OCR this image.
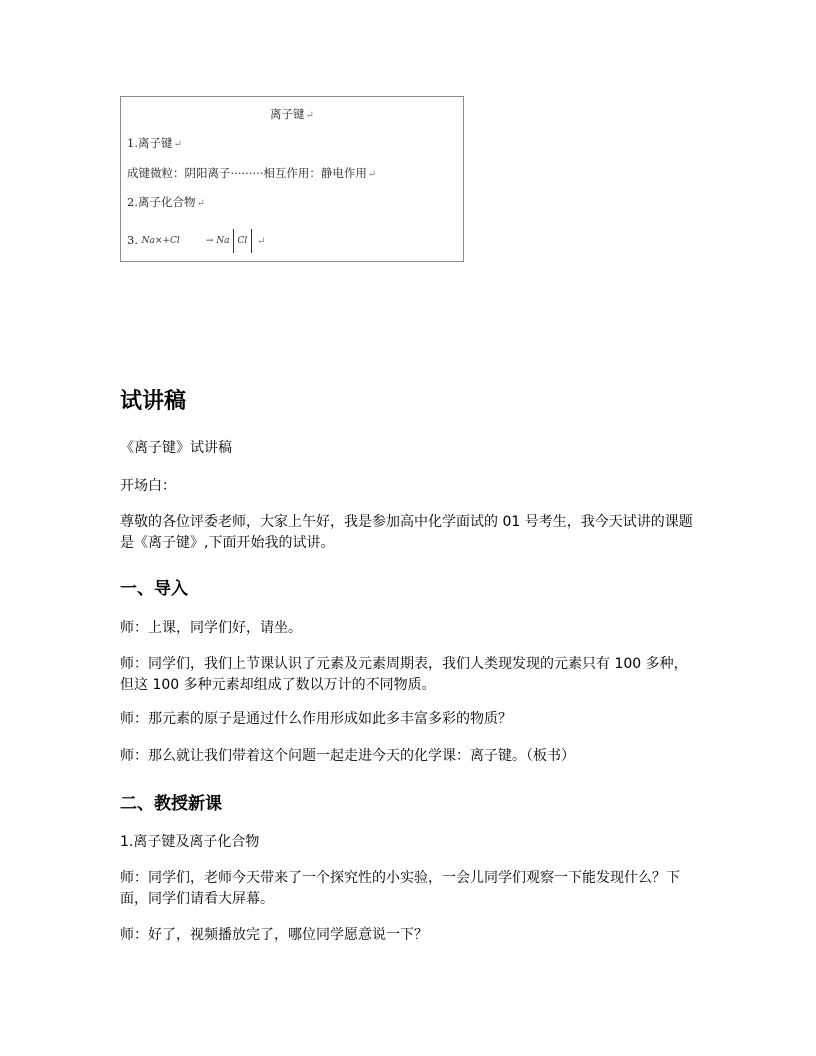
离子键↵
1.离子键↵
成键微粒：阴阳离子·········相互作用：静电作用↵
2.离子化合物↵
3. Na×+Cl	→ Na Cl ↵
试讲稿
《离子键》试讲稿
开场白：
尊敬的各位评委老师，大家上午好，我是参加高中化学面试的 01 号考生，我今天试讲的课题是《离子键》,下面开始我的试讲。
一、导入
师：上课，同学们好，请坐。
师：同学们，我们上节课认识了元素及元素周期表，我们人类现发现的元素只有 100 多种，但这 100 多种元素却组成了数以万计的不同物质。
师：那元素的原子是通过什么作用形成如此多丰富多彩的物质？
师：那么就让我们带着这个问题一起走进今天的化学课：离子键。（板书）
二、教授新课
1.离子键及离子化合物
师：同学们，老师今天带来了一个探究性的小实验，一会儿同学们观察一下能发现什么？下面，同学们请看大屏幕。
师：好了，视频播放完了，哪位同学愿意说一下？
